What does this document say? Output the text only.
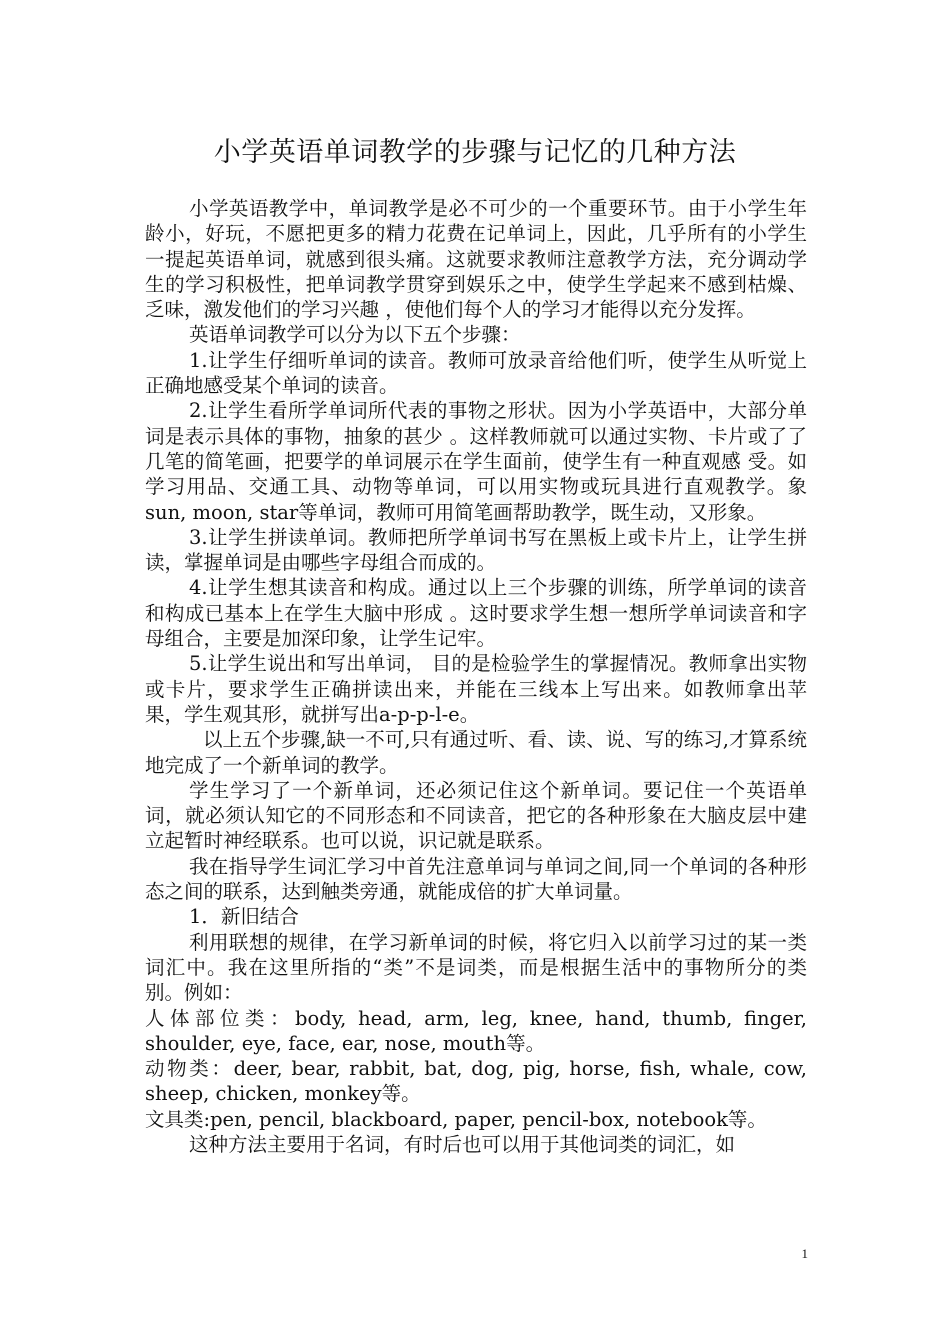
小学英语单词教学的步骤与记忆的几种方法

小学英语教学中，单词教学是必不可少的一个重要环节。由于小学生年龄小，好玩，不愿把更多的精力花费在记单词上，因此，几乎所有的小学生一提起英语单词，就感到很头痛。这就要求教师注意教学方法，充分调动学生的学习积极性，把单词教学贯穿到娱乐之中，使学生学起来不感到枯燥、乏味，激发他们的学习兴趣 ，使他们每个人的学习才能得以充分发挥。

英语单词教学可以分为以下五个步骤：

1.让学生仔细听单词的读音。教师可放录音给他们听，使学生从听觉上正确地感受某个单词的读音。

2.让学生看所学单词所代表的事物之形状。因为小学英语中，大部分单词是表示具体的事物，抽象的甚少 。这样教师就可以通过实物、卡片或了了几笔的简笔画，把要学的单词展示在学生面前，使学生有一种直观感 受。如学习用品、交通工具、动物等单词，可以用实物或玩具进行直观教学。象sun, moon, star等单词，教师可用简笔画帮助教学，既生动，又形象。

3.让学生拼读单词。教师把所学单词书写在黑板上或卡片上，让学生拼读，掌握单词是由哪些字母组合而成的。

4.让学生想其读音和构成。通过以上三个步骤的训练，所学单词的读音和构成已基本上在学生大脑中形成 。这时要求学生想一想所学单词读音和字母组合，主要是加深印象，让学生记牢。

5.让学生说出和写出单词， 目的是检验学生的掌握情况。教师拿出实物或卡片，要求学生正确拼读出来，并能在三线本上写出来。如教师拿出苹果，学生观其形，就拼写出a-p-p-l-e。

以上五个步骤,缺一不可,只有通过听、看、读、说、写的练习,才算系统地完成了一个新单词的教学。

学生学习了一个新单词，还必须记住这个新单词。要记住一个英语单词，就必须认知它的不同形态和不同读音，把它的各种形象在大脑皮层中建立起暂时神经联系。也可以说，识记就是联系。

我在指导学生词汇学习中首先注意单词与单词之间,同一个单词的各种形态之间的联系，达到触类旁通，就能成倍的扩大单词量。

1．新旧结合

利用联想的规律，在学习新单词的时候，将它归入以前学习过的某一类词汇中。我在这里所指的“类”不是词类，而是根据生活中的事物所分的类别。例如：

人体部位类：body, head, arm, leg, knee, hand, thumb, finger, shoulder, eye, face, ear, nose, mouth等。

动物类：deer, bear, rabbit, bat, dog, pig, horse, fish, whale, cow, sheep, chicken, monkey等。

文具类:pen, pencil, blackboard, paper, pencil-box, notebook等。

这种方法主要用于名词，有时后也可以用于其他词类的词汇，如

1
